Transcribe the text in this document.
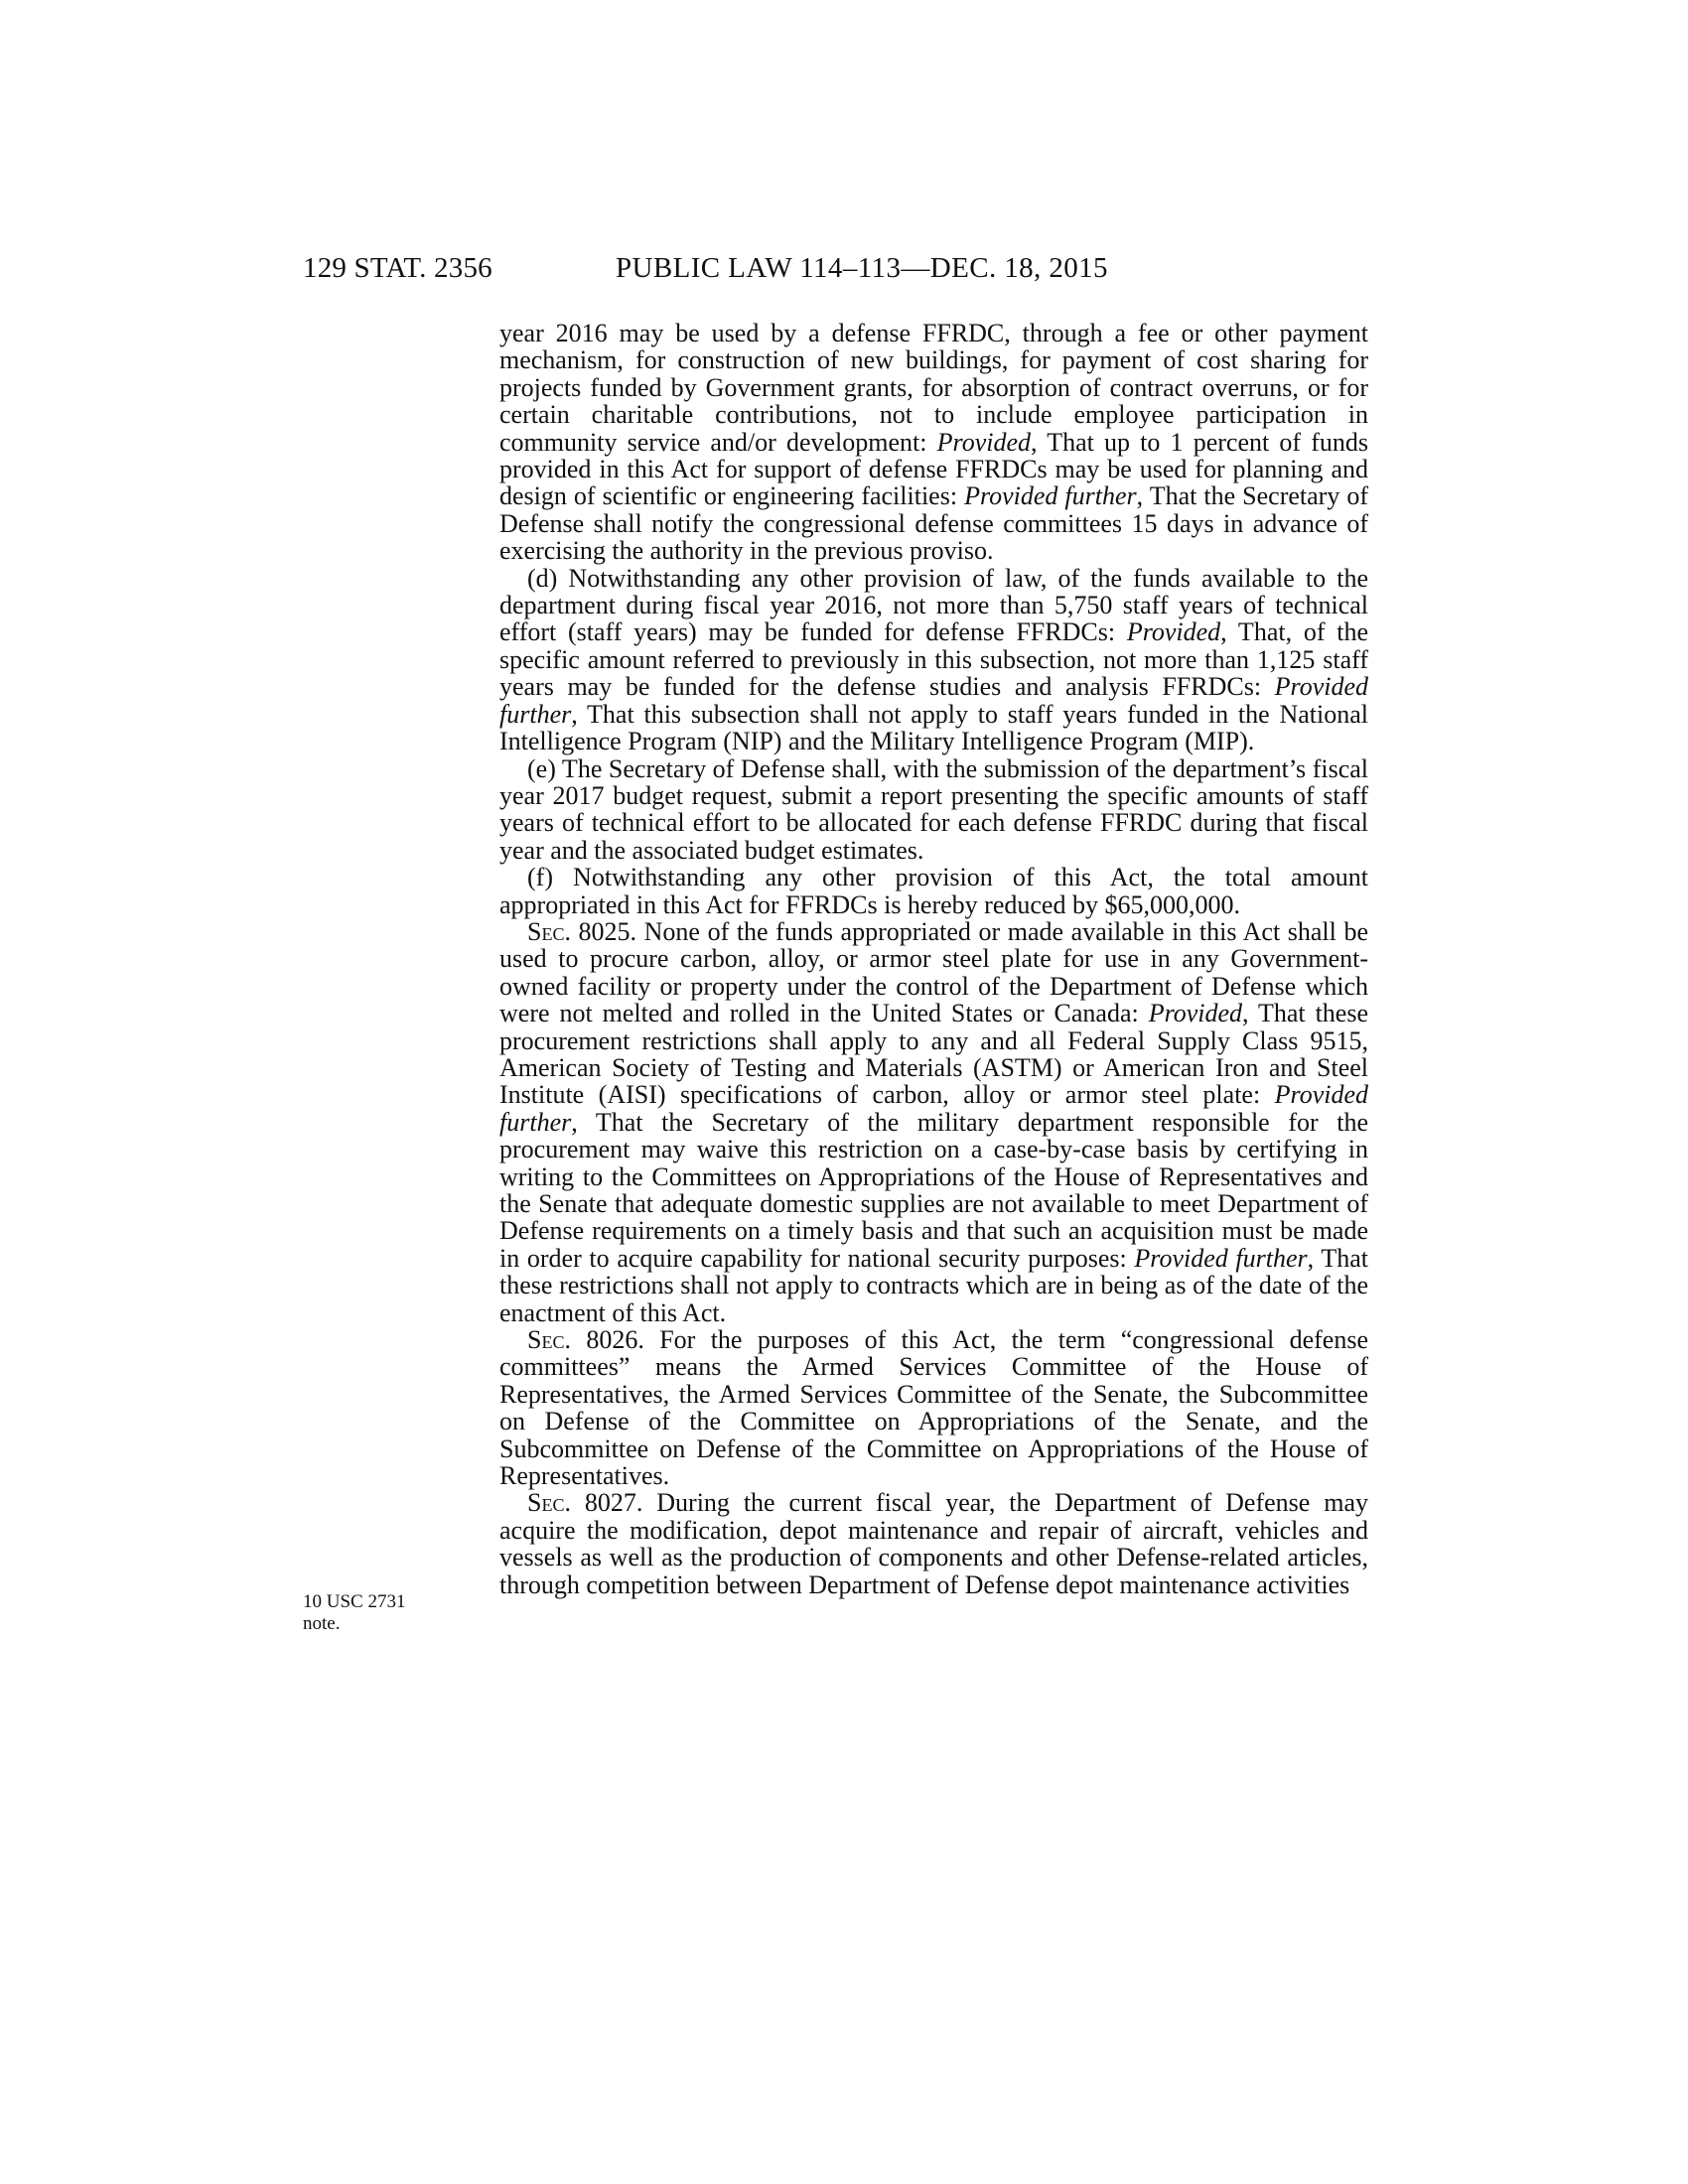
129 STAT. 2356	PUBLIC LAW 114–113—DEC. 18, 2015
10 USC 2731
note.

year 2016 may be used by a defense FFRDC, through a fee or other payment mechanism, for construction of new buildings, for payment of cost sharing for projects funded by Government grants, for absorption of contract overruns, or for certain charitable contributions, not to include employee participation in community service and/or development: Provided, That up to 1 percent of funds provided in this Act for support of defense FFRDCs may be used for planning and design of scientific or engineering facilities: Provided further, That the Secretary of Defense shall notify the congressional defense committees 15 days in advance of exercising the authority in the previous proviso.

(d) Notwithstanding any other provision of law, of the funds available to the department during fiscal year 2016, not more than 5,750 staff years of technical effort (staff years) may be funded for defense FFRDCs: Provided, That, of the specific amount referred to previously in this subsection, not more than 1,125 staff years may be funded for the defense studies and analysis FFRDCs: Provided further, That this subsection shall not apply to staff years funded in the National Intelligence Program (NIP) and the Military Intelligence Program (MIP).

(e) The Secretary of Defense shall, with the submission of the department’s fiscal year 2017 budget request, submit a report presenting the specific amounts of staff years of technical effort to be allocated for each defense FFRDC during that fiscal year and the associated budget estimates.

(f) Notwithstanding any other provision of this Act, the total amount appropriated in this Act for FFRDCs is hereby reduced by $65,000,000.

Sec. 8025. None of the funds appropriated or made available in this Act shall be used to procure carbon, alloy, or armor steel plate for use in any Government-owned facility or property under the control of the Department of Defense which were not melted and rolled in the United States or Canada: Provided, That these procurement restrictions shall apply to any and all Federal Supply Class 9515, American Society of Testing and Materials (ASTM) or American Iron and Steel Institute (AISI) specifications of carbon, alloy or armor steel plate: Provided further, That the Secretary of the military department responsible for the procurement may waive this restriction on a case-by-case basis by certifying in writing to the Committees on Appropriations of the House of Representatives and the Senate that adequate domestic supplies are not available to meet Department of Defense requirements on a timely basis and that such an acquisition must be made in order to acquire capability for national security purposes: Provided further, That these restrictions shall not apply to contracts which are in being as of the date of the enactment of this Act.

Sec. 8026. For the purposes of this Act, the term “congressional defense committees” means the Armed Services Committee of the House of Representatives, the Armed Services Committee of the Senate, the Subcommittee on Defense of the Committee on Appropriations of the Senate, and the Subcommittee on Defense of the Committee on Appropriations of the House of Representatives.

Sec. 8027. During the current fiscal year, the Department of Defense may acquire the modification, depot maintenance and repair of aircraft, vehicles and vessels as well as the production of components and other Defense-related articles, through competition between Department of Defense depot maintenance activities
